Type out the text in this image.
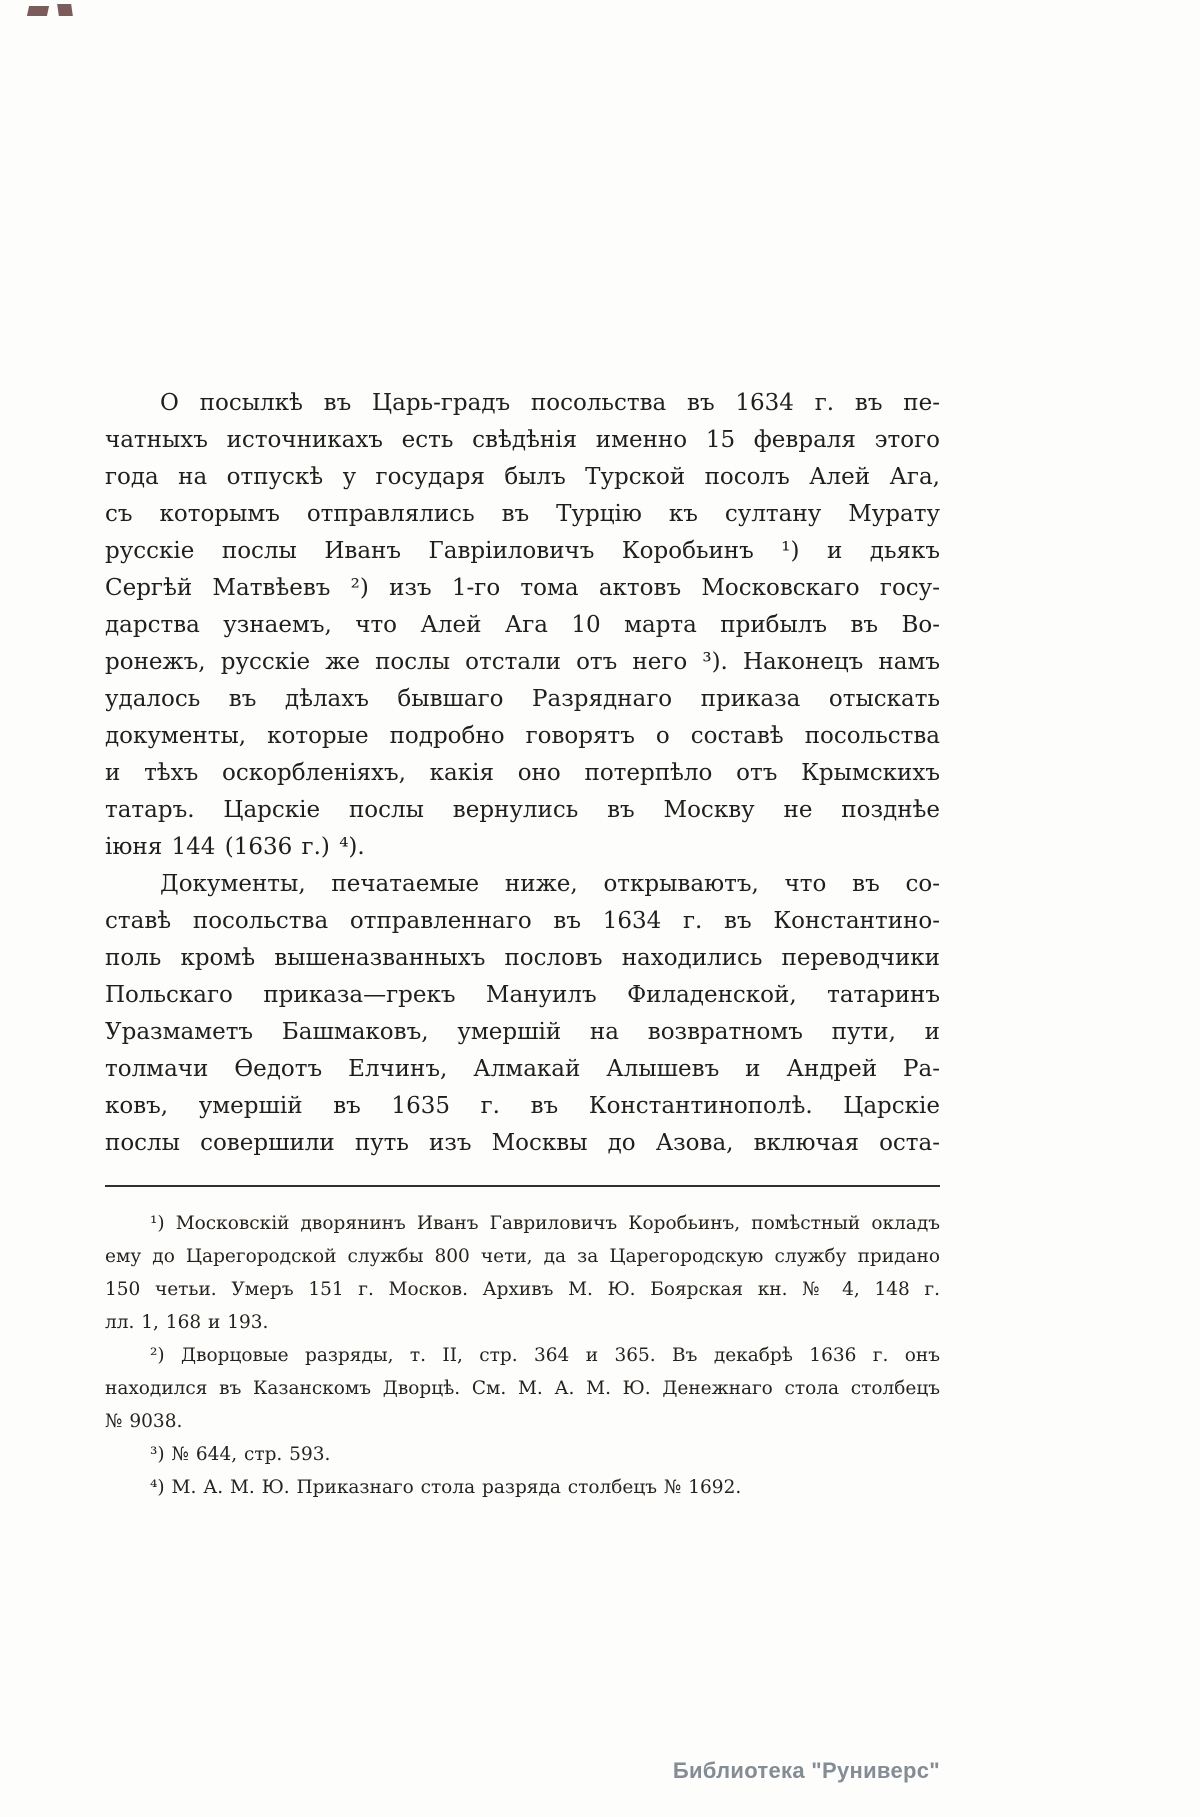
О посылкѣ въ Царь-градъ посольства въ 1634 г. въ пе-
чатныхъ источникахъ есть свѣдѣнія именно 15 февраля этого
года на отпускѣ у государя былъ Турской посолъ Алей Ага,
съ которымъ отправлялись въ Турцію къ султану Мурату
русскіе послы Иванъ Гавріиловичъ Коробьинъ ¹) и дьякъ
Сергѣй Матвѣевъ ²) изъ 1-го тома актовъ Московскаго госу-
дарства узнаемъ, что Алей Ага 10 марта прибылъ въ Во-
ронежъ, русскіе же послы отстали отъ него ³). Наконецъ намъ
удалось въ дѣлахъ бывшаго Разряднаго приказа отыскать
документы, которые подробно говорятъ о составѣ посольства
и тѣхъ оскорбленіяхъ, какія оно потерпѣло отъ Крымскихъ
татаръ. Царскіе послы вернулись въ Москву не позднѣе
іюня 144 (1636 г.) ⁴).
Документы, печатаемые ниже, открываютъ, что въ со-
ставѣ посольства отправленнаго въ 1634 г. въ Константино-
поль кромѣ вышеназванныхъ пословъ находились переводчики
Польскаго приказа—грекъ Мануилъ Филаденской, татаринъ
Уразмаметъ Башмаковъ, умершій на возвратномъ пути, и
толмачи Ѳедотъ Елчинъ, Алмакай Алышевъ и Андрей Ра-
ковъ, умершій въ 1635 г. въ Константинополѣ. Царскіе
послы совершили путь изъ Москвы до Азова, включая оста-
¹) Московскій дворянинъ Иванъ Гавриловичъ Коробьинъ, помѣстный окладъ
ему до Царегородской службы 800 чети, да за Царегородскую службу придано
150 четьи. Умеръ 151 г. Москов. Архивъ М. Ю. Боярская кн. № 4, 148 г.
лл. 1, 168 и 193.
²) Дворцовые разряды, т. II, стр. 364 и 365. Въ декабрѣ 1636 г. онъ
находился въ Казанскомъ Дворцѣ. См. М. А. М. Ю. Денежнаго стола столбецъ
№ 9038.
³) № 644, стр. 593.
⁴) М. А. М. Ю. Приказнаго стола разряда столбецъ № 1692.
Библиотека "Руниверс"
